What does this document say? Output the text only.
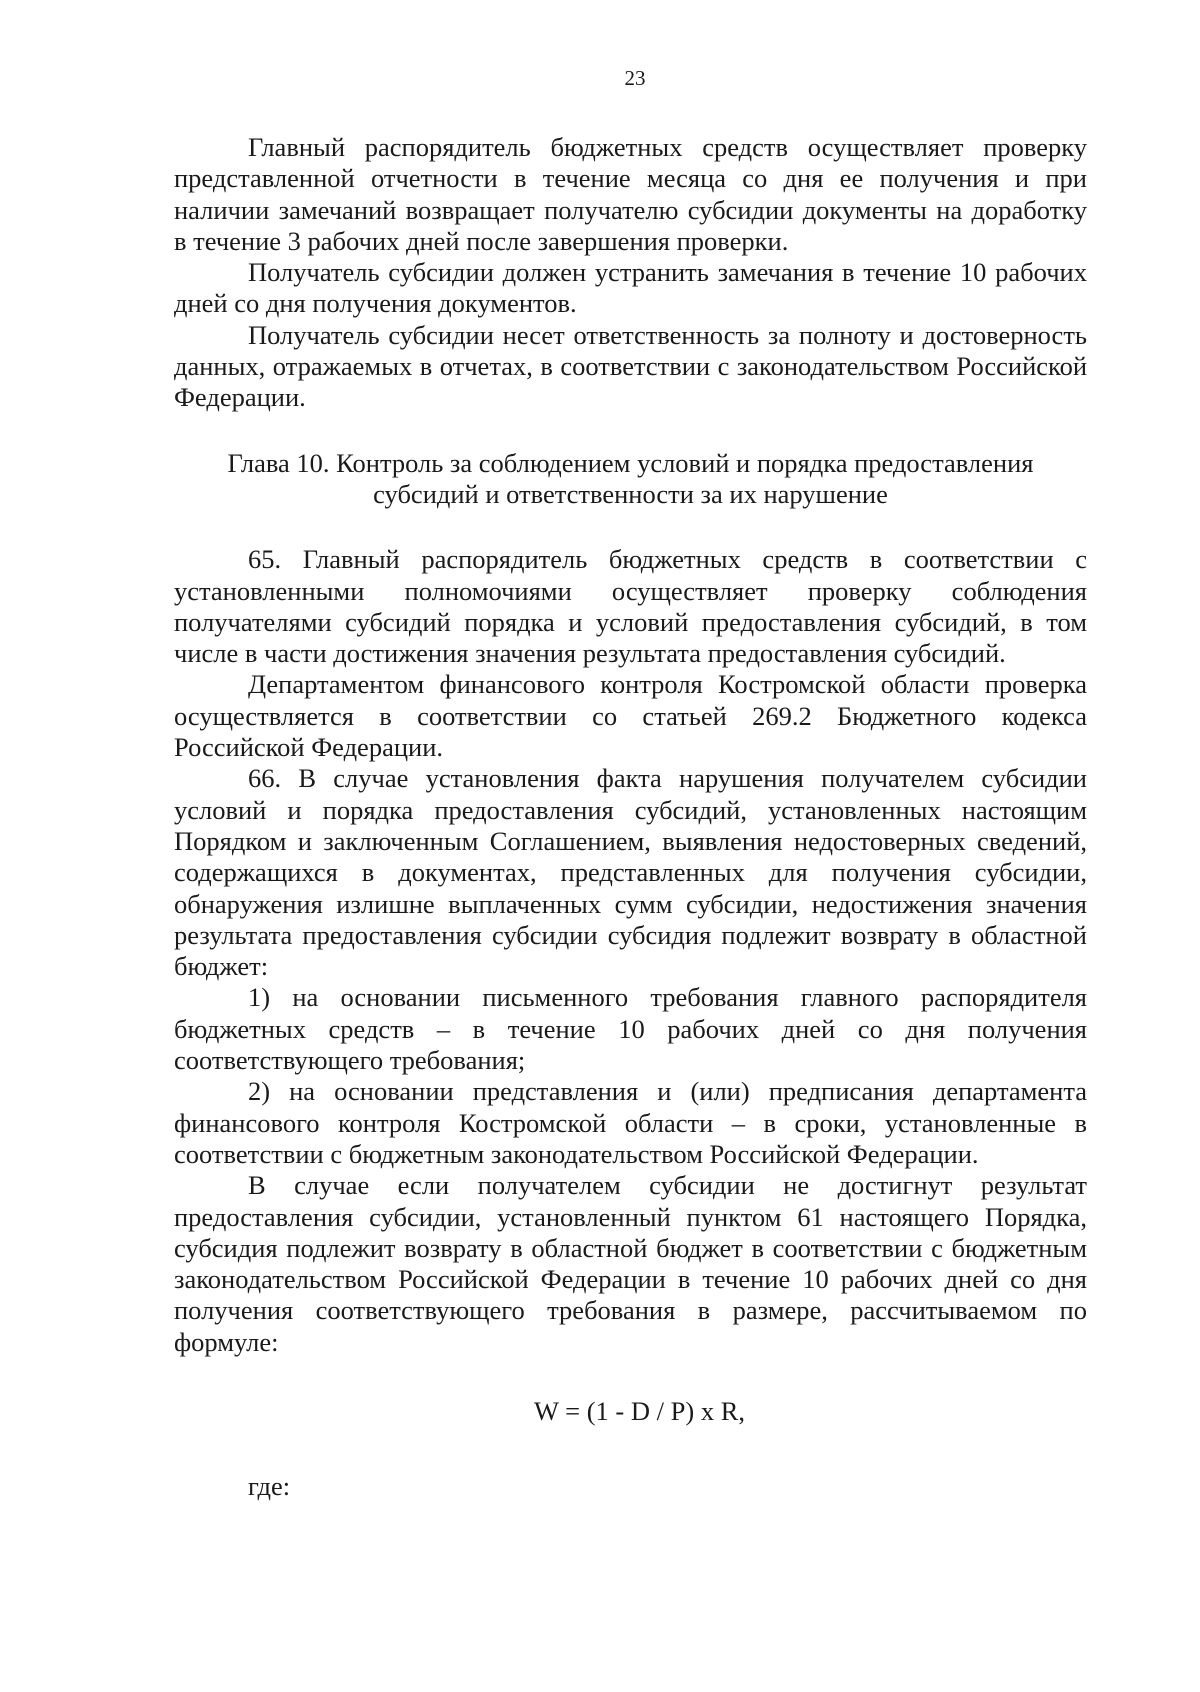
23

Главный распорядитель бюджетных средств осуществляет проверку представленной отчетности в течение месяца со дня ее получения и при наличии замечаний возвращает получателю субсидии документы на доработку в течение 3 рабочих дней после завершения проверки.

Получатель субсидии должен устранить замечания в течение 10 рабочих дней со дня получения документов.

Получатель субсидии несет ответственность за полноту и достоверность данных, отражаемых в отчетах, в соответствии с законодательством Российской Федерации.

Глава 10. Контроль за соблюдением условий и порядка предоставления
субсидий и ответственности за их нарушение

65. Главный распорядитель бюджетных средств в соответствии с установленными полномочиями осуществляет проверку соблюдения получателями субсидий порядка и условий предоставления субсидий, в том числе в части достижения значения результата предоставления субсидий.

Департаментом финансового контроля Костромской области проверка осуществляется в соответствии со статьей 269.2 Бюджетного кодекса Российской Федерации.

66. В случае установления факта нарушения получателем субсидии условий и порядка предоставления субсидий, установленных настоящим Порядком и заключенным Соглашением, выявления недостоверных сведений, содержащихся в документах, представленных для получения субсидии, обнаружения излишне выплаченных сумм субсидии, недостижения значения результата предоставления субсидии субсидия подлежит возврату в областной бюджет:

1) на основании письменного требования главного распорядителя бюджетных средств – в течение 10 рабочих дней со дня получения соответствующего требования;

2) на основании представления и (или) предписания департамента финансового контроля Костромской области – в сроки, установленные в соответствии с бюджетным законодательством Российской Федерации.

В случае если получателем субсидии не достигнут результат предоставления субсидии, установленный пунктом 61 настоящего Порядка, субсидия подлежит возврату в областной бюджет в соответствии с бюджетным законодательством Российской Федерации в течение 10 рабочих дней со дня получения соответствующего требования в размере, рассчитываемом по формуле:

W = (1 - D / P) x R,

где:
